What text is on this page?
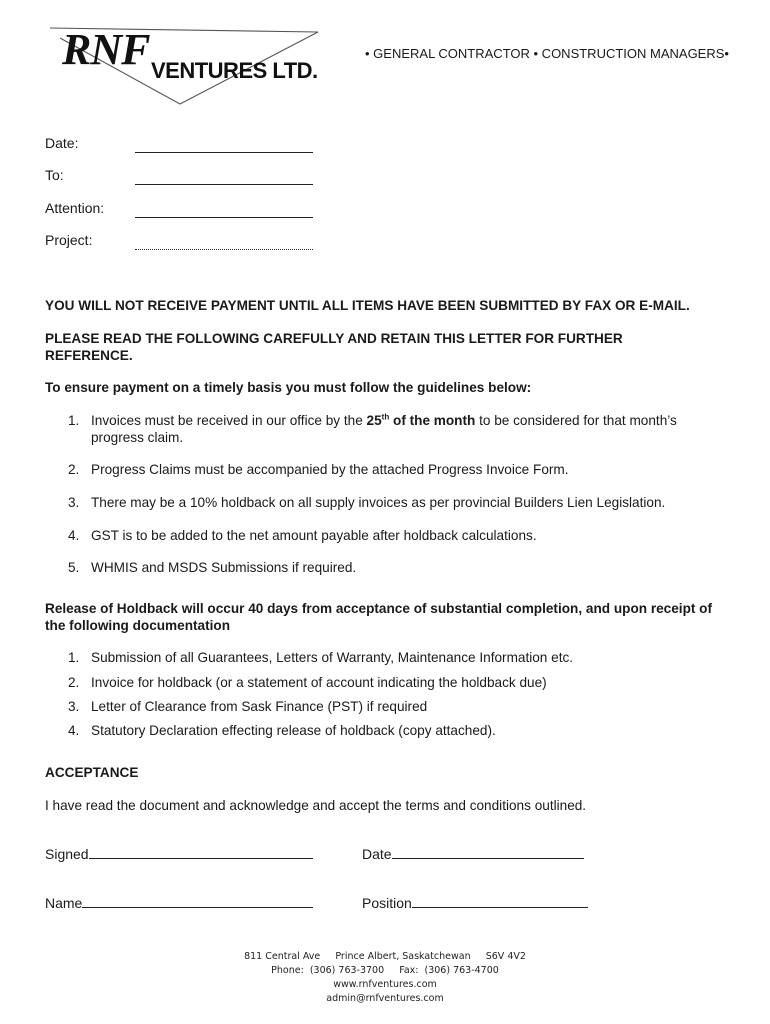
RNF VENTURES LTD.
• GENERAL CONTRACTOR • CONSTRUCTION MANAGERS•
Date:
To:
Attention:
Project:
YOU WILL NOT RECEIVE PAYMENT UNTIL ALL ITEMS HAVE BEEN SUBMITTED BY FAX OR E-MAIL.
PLEASE READ THE FOLLOWING CAREFULLY AND RETAIN THIS LETTER FOR FURTHER
REFERENCE.
To ensure payment on a timely basis you must follow the guidelines below:
1. Invoices must be received in our office by the 25th of the month to be considered for that month’s
progress claim.
2. Progress Claims must be accompanied by the attached Progress Invoice Form.
3. There may be a 10% holdback on all supply invoices as per provincial Builders Lien Legislation.
4. GST is to be added to the net amount payable after holdback calculations.
5. WHMIS and MSDS Submissions if required.
Release of Holdback will occur 40 days from acceptance of substantial completion, and upon receipt of
the following documentation
1. Submission of all Guarantees, Letters of Warranty, Maintenance Information etc.
2. Invoice for holdback (or a statement of account indicating the holdback due)
3. Letter of Clearance from Sask Finance (PST) if required
4. Statutory Declaration effecting release of holdback (copy attached).
ACCEPTANCE
I have read the document and acknowledge and accept the terms and conditions outlined.
Signed	Date
Name	Position
811 Central Ave     Prince Albert, Saskatchewan     S6V 4V2
Phone:  (306) 763-3700     Fax:  (306) 763-4700
www.rnfventures.com
admin@rnfventures.com
